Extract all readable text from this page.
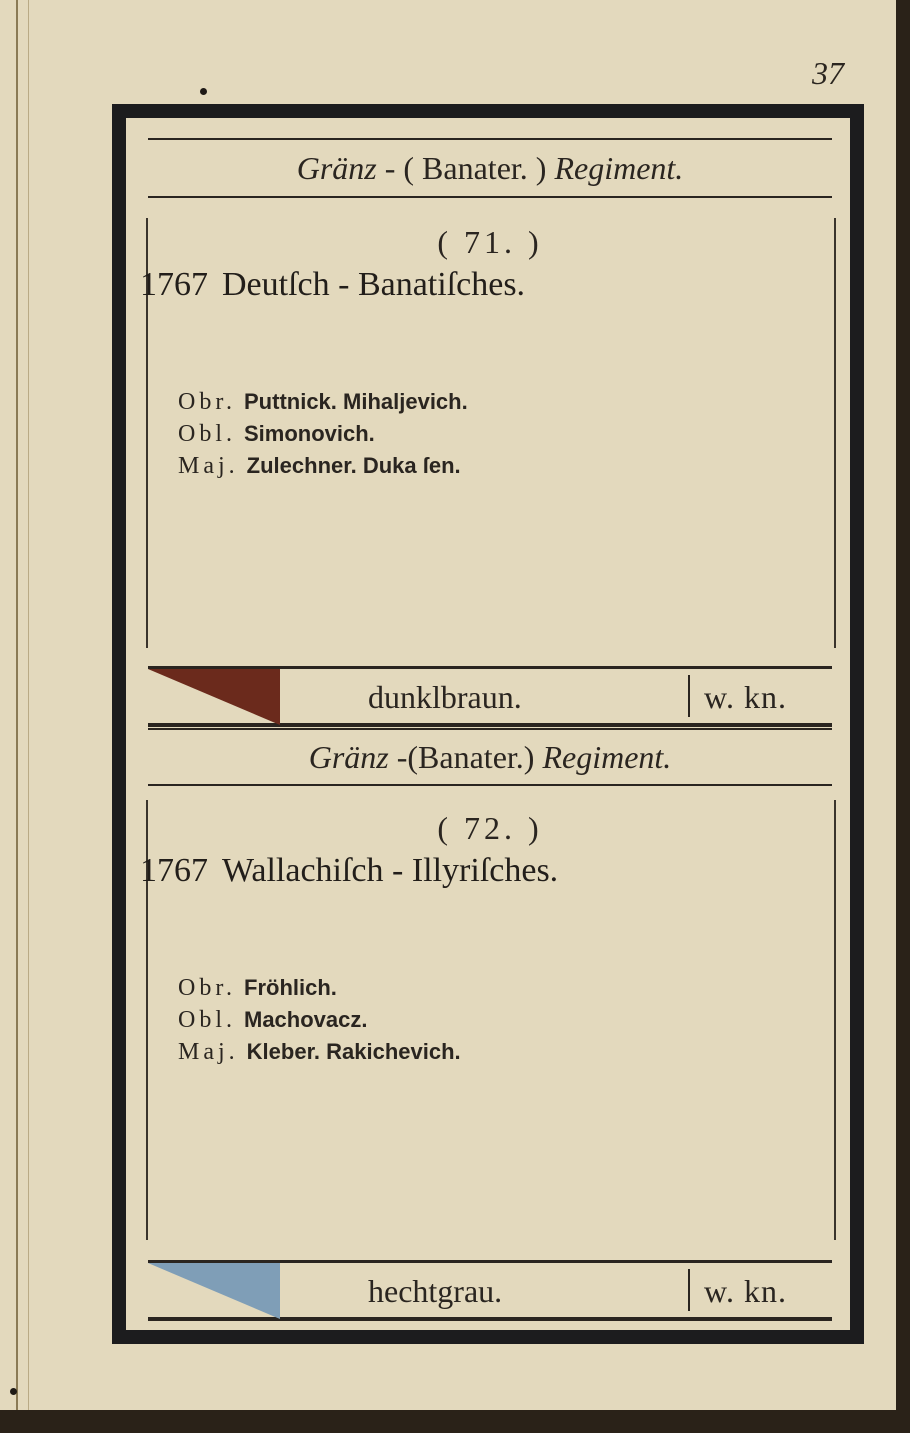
37
Gränz -
( Banater. )
Regiment.
( 71. )
1767 Deutſch - Banatiſches.
Obr. Puttnick. Mihaljevich.
Obl. Simonovich.
Maj. Zulechner. Duka ſen.
dunklbraun.	w. kn.
Gränz - (Banater.)
Regiment.
( 72. )
1767 Wallachiſch - Illyriſches.
Obr. Fröhlich.
Obl. Machovacz.
Maj. Kleber. Rakichevich.
hechtgrau.	w. kn.
